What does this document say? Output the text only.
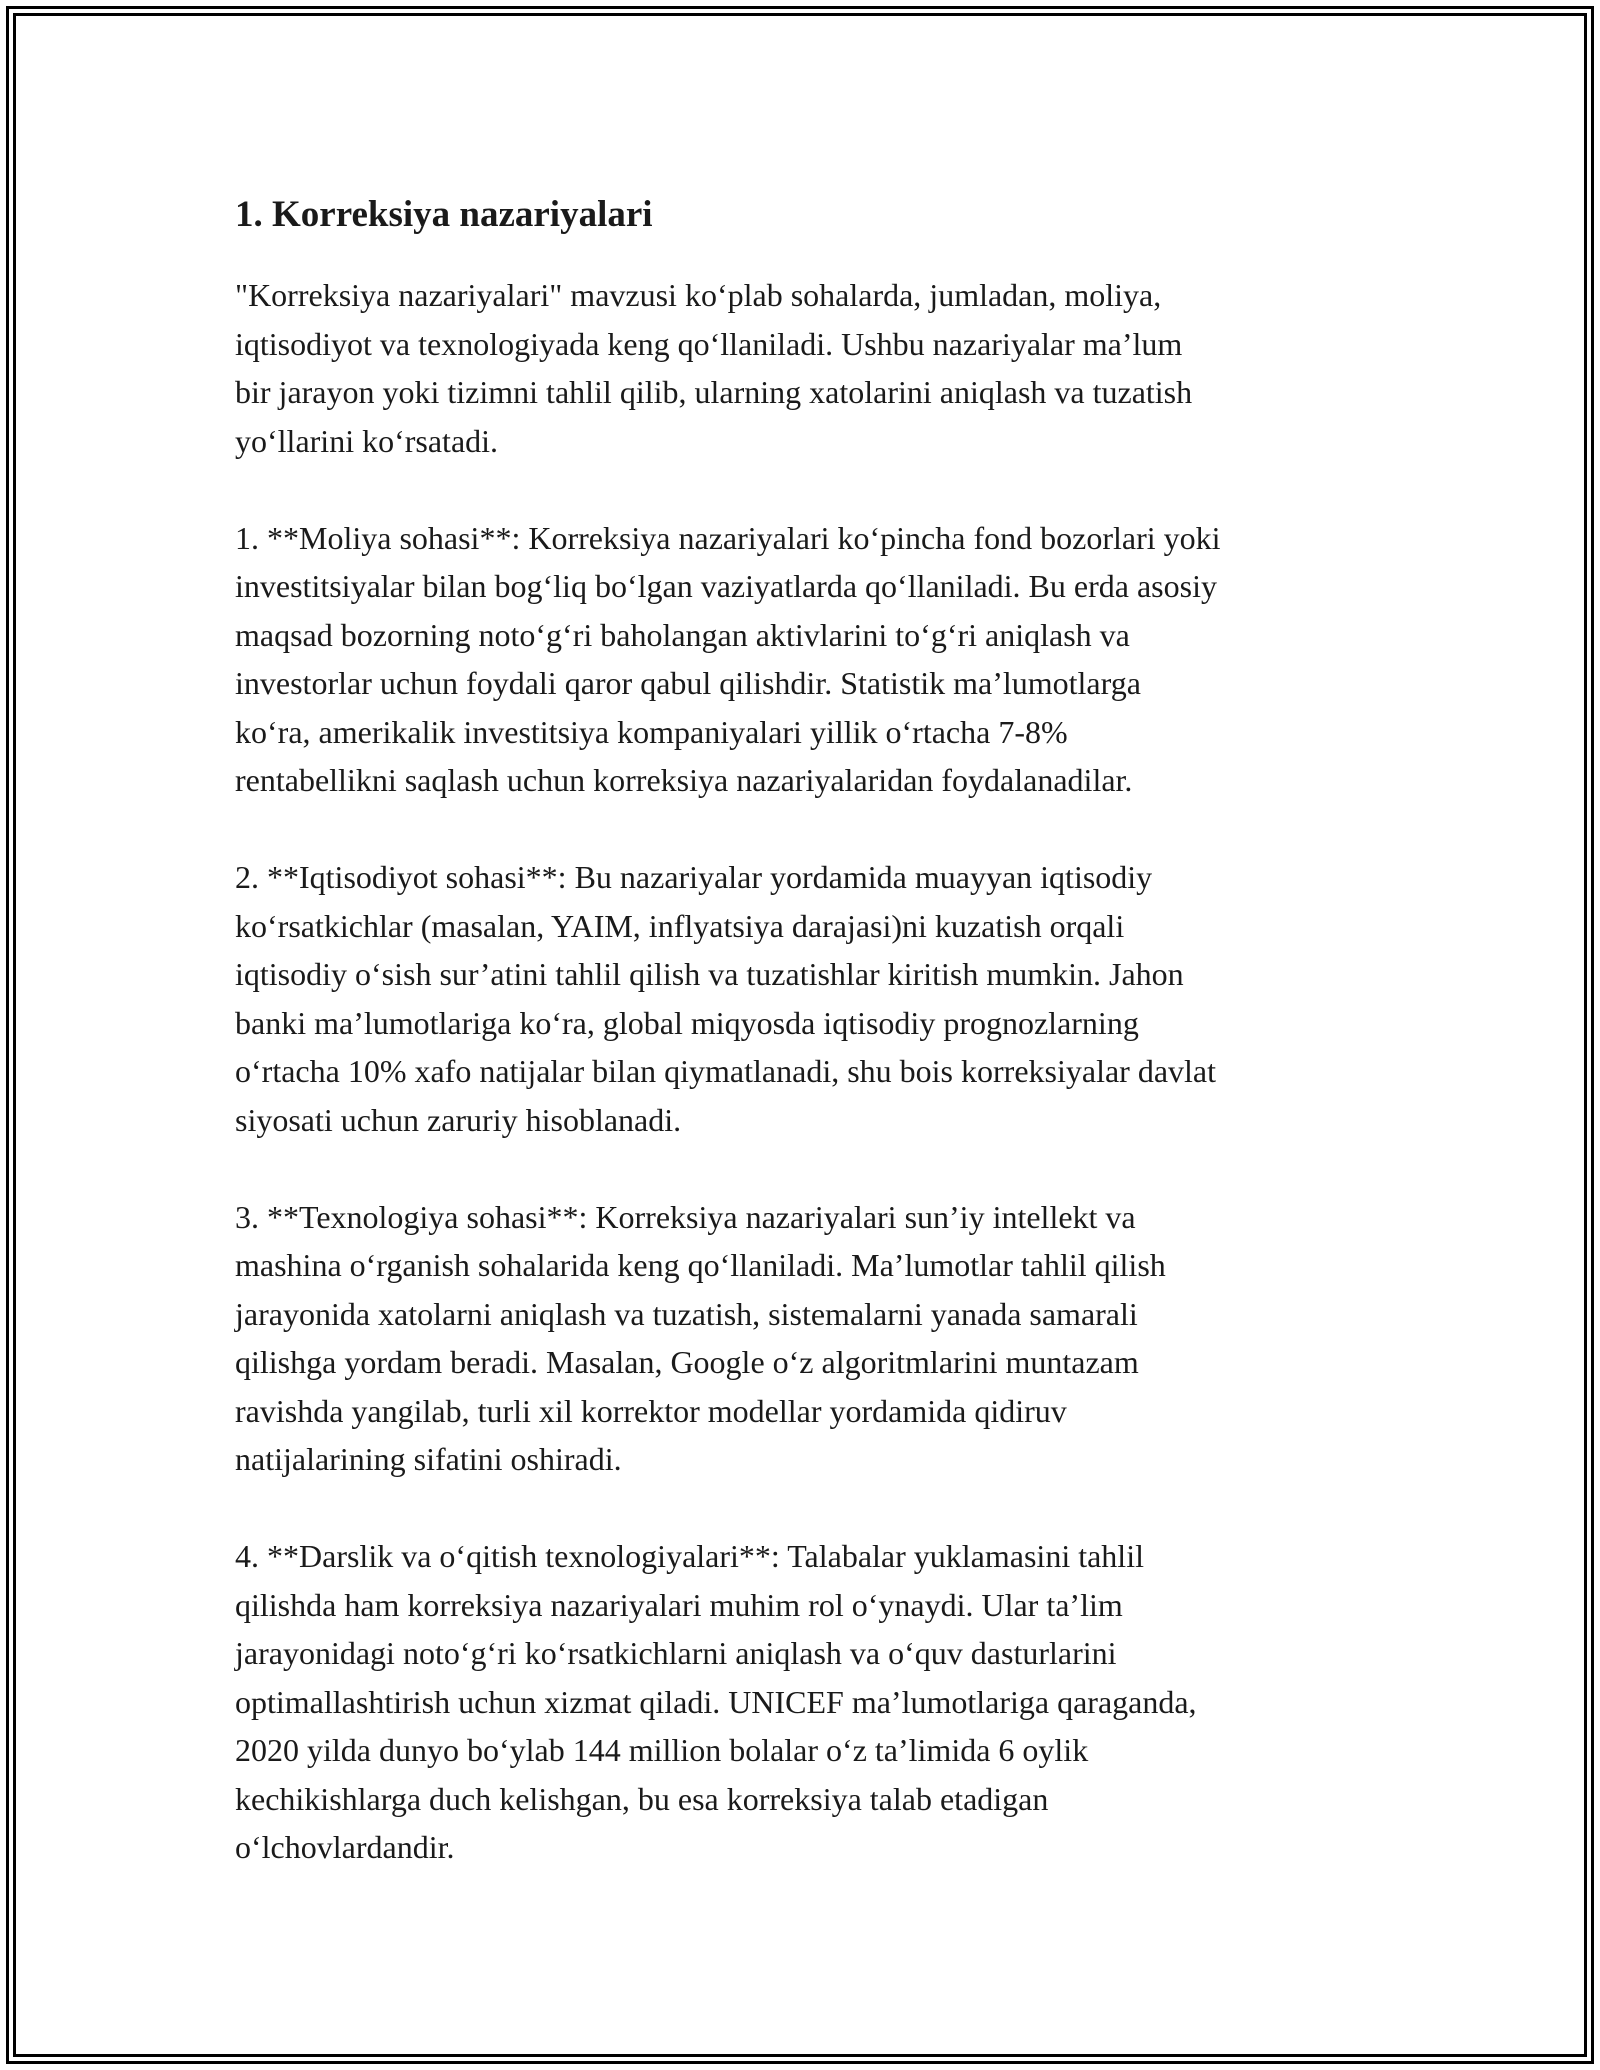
1. Korreksiya nazariyalari

"Korreksiya nazariyalari" mavzusi ko‘plab sohalarda, jumladan, moliya,
iqtisodiyot va texnologiyada keng qo‘llaniladi. Ushbu nazariyalar ma’lum
bir jarayon yoki tizimni tahlil qilib, ularning xatolarini aniqlash va tuzatish
yo‘llarini ko‘rsatadi.

1. **Moliya sohasi**: Korreksiya nazariyalari ko‘pincha fond bozorlari yoki
investitsiyalar bilan bog‘liq bo‘lgan vaziyatlarda qo‘llaniladi. Bu erda asosiy
maqsad bozorning noto‘g‘ri baholangan aktivlarini to‘g‘ri aniqlash va
investorlar uchun foydali qaror qabul qilishdir. Statistik ma’lumotlarga
ko‘ra, amerikalik investitsiya kompaniyalari yillik o‘rtacha 7-8%
rentabellikni saqlash uchun korreksiya nazariyalaridan foydalanadilar.

2. **Iqtisodiyot sohasi**: Bu nazariyalar yordamida muayyan iqtisodiy
ko‘rsatkichlar (masalan, YAIM, inflyatsiya darajasi)ni kuzatish orqali
iqtisodiy o‘sish sur’atini tahlil qilish va tuzatishlar kiritish mumkin. Jahon
banki ma’lumotlariga ko‘ra, global miqyosda iqtisodiy prognozlarning
o‘rtacha 10% xafo natijalar bilan qiymatlanadi, shu bois korreksiyalar davlat
siyosati uchun zaruriy hisoblanadi.

3. **Texnologiya sohasi**: Korreksiya nazariyalari sun’iy intellekt va
mashina o‘rganish sohalarida keng qo‘llaniladi. Ma’lumotlar tahlil qilish
jarayonida xatolarni aniqlash va tuzatish, sistemalarni yanada samarali
qilishga yordam beradi. Masalan, Google o‘z algoritmlarini muntazam
ravishda yangilab, turli xil korrektor modellar yordamida qidiruv
natijalarining sifatini oshiradi.

4. **Darslik va o‘qitish texnologiyalari**: Talabalar yuklamasini tahlil
qilishda ham korreksiya nazariyalari muhim rol o‘ynaydi. Ular ta’lim
jarayonidagi noto‘g‘ri ko‘rsatkichlarni aniqlash va o‘quv dasturlarini
optimallashtirish uchun xizmat qiladi. UNICEF ma’lumotlariga qaraganda,
2020 yilda dunyo bo‘ylab 144 million bolalar o‘z ta’limida 6 oylik
kechikishlarga duch kelishgan, bu esa korreksiya talab etadigan
o‘lchovlardandir.
